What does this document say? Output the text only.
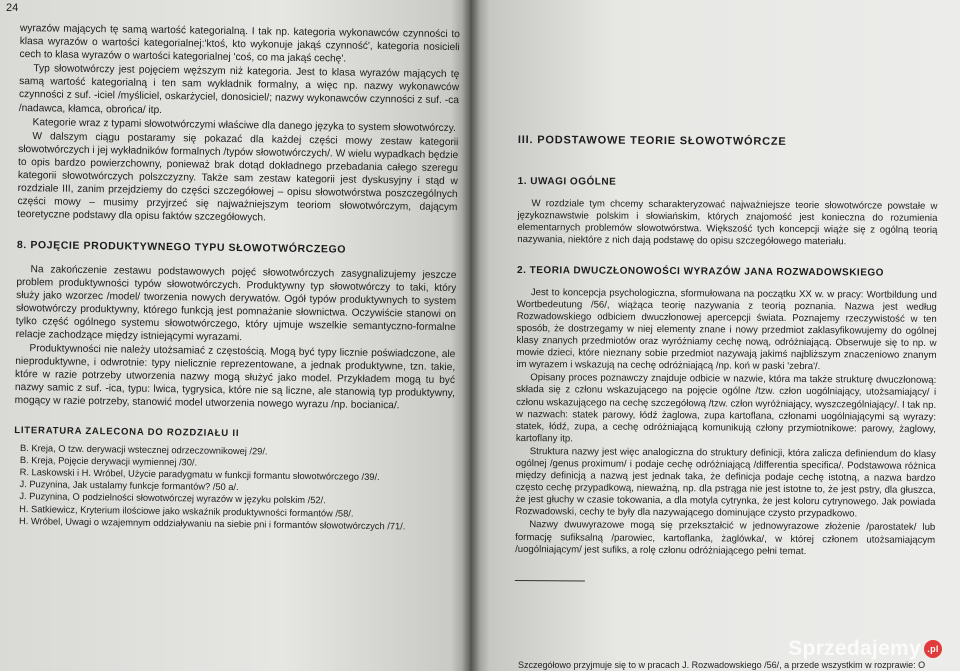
24

wyrazów mających tę samą wartość kategorialną. I tak np. kategoria wykonawców czynności to klasa wyrazów o wartości kategorialnej:'ktoś, kto wykonuje jakąś czynność', kategoria nosicieli cech to klasa wyrazów o wartości kategorialnej 'coś, co ma jakąś cechę'.

Typ słowotwórczy jest pojęciem węższym niż kategoria. Jest to klasa wyrazów mających tę samą wartość kategorialną i ten sam wykładnik formalny, a więc np. nazwy wykonawców czynności z suf. -iciel /myśliciel, oskarżyciel, donosiciel/; nazwy wykonawców czynności z suf. -ca /nadawca, kłamca, obrońca/ itp.

Kategorie wraz z typami słowotwórczymi właściwe dla danego języka to system słowotwórczy.

W dalszym ciągu postaramy się pokazać dla każdej części mowy zestaw kategorii słowotwórczych i jej wykładników formalnych /typów słowotwórczych/. W wielu wypadkach będzie to opis bardzo powierzchowny, ponieważ brak dotąd dokładnego przebadania całego szeregu kategorii słowotwórczych polszczyzny. Także sam zestaw kategorii jest dyskusyjny i stąd w rozdziale III, zanim przejdziemy do części szczegółowej – opisu słowotwórstwa poszczególnych części mowy – musimy przyjrzeć się najważniejszym teoriom słowotwórczym, dającym teoretyczne podstawy dla opisu faktów szczegółowych.

8. POJĘCIE PRODUKTYWNEGO TYPU SŁOWOTWÓRCZEGO

Na zakończenie zestawu podstawowych pojęć słowotwórczych zasygnalizujemy jeszcze problem produktywności typów słowotwórczych. Produktywny typ słowotwórczy to taki, który służy jako wzorzec /model/ tworzenia nowych derywatów. Ogół typów produktywnych to system słowotwórczy produktywny, którego funkcją jest pomnażanie słownictwa. Oczywiście stanowi on tylko część ogólnego systemu słowotwórczego, który ujmuje wszelkie semantyczno-formalne relacje zachodzące między istniejącymi wyrazami.

Produktywności nie należy utożsamiać z częstością. Mogą być typy licznie poświadczone, ale nieproduktywne, i odwrotnie: typy nielicznie reprezentowane, a jednak produktywne, tzn. takie, które w razie potrzeby utworzenia nazwy mogą służyć jako model. Przykładem mogą tu być nazwy samic z suf. -ica, typu: lwica, tygrysica, które nie są liczne, ale stanowią typ produktywny, mogący w razie potrzeby, stanowić model utworzenia nowego wyrazu /np. bocianica/.

LITERATURA ZALECONA DO ROZDZIAŁU II

B. Kreja, O tzw. derywacji wstecznej odrzeczownikowej /29/.
B. Kreja, Pojęcie derywacji wymiennej /30/.
R. Laskowski i H. Wróbel, Użycie paradygmatu w funkcji formantu słowotwórczego /39/.
J. Puzynina, Jak ustalamy funkcje formantów? /50 a/.
J. Puzynina, O podzielności słowotwórczej wyrazów w języku polskim /52/.
H. Satkiewicz, Kryterium ilościowe jako wskaźnik produktywności formantów /58/.
H. Wróbel, Uwagi o wzajemnym oddziaływaniu na siebie pni i formantów słowotwórczych /71/.

III. PODSTAWOWE TEORIE SŁOWOTWÓRCZE

1. UWAGI OGÓLNE

W rozdziale tym chcemy scharakteryzować najważniejsze teorie słowotwórcze powstałe w językoznawstwie polskim i słowiańskim, których znajomość jest konieczna do rozumienia elementarnych problemów słowotwórstwa. Większość tych koncepcji wiąże się z ogólną teorią nazywania, niektóre z nich dają podstawę do opisu szczegółowego materiału.

2. TEORIA DWUCZŁONOWOŚCI WYRAZÓW JANA ROZWADOWSKIEGO

Jest to koncepcja psychologiczna, sformułowana na początku XX w. w pracy: Wortbildung und Wortbedeutung /56/, wiążąca teorię nazywania z teorią poznania. Nazwa jest według Rozwadowskiego odbiciem dwuczłonowej apercepcji świata. Poznajemy rzeczywistość w ten sposób, że dostrzegamy w niej elementy znane i nowy przedmiot zaklasyfikowujemy do ogólnej klasy znanych przedmiotów oraz wyróżniamy cechę nową, odróżniającą. Obserwuje się to np. w mowie dzieci, które nieznany sobie przedmiot nazywają jakimś najbliższym znaczeniowo znanym im wyrazem i wskazują na cechę odróżniającą /np. koń w paski 'zebra'/.

Opisany proces poznawczy znajduje odbicie w nazwie, która ma także strukturę dwuczłonową: składa się z członu wskazującego na pojęcie ogólne /tzw. człon uogólniający, utożsamiający/ i członu wskazującego na cechę szczegółową /tzw. człon wyróżniający, wyszczególniający/. I tak np. w nazwach: statek parowy, łódź żaglowa, zupa kartoflana, członami uogólniającymi są wyrazy: statek, łódź, zupa, a cechę odróżniającą komunikują człony przymiotnikowe: parowy, żaglowy, kartoflany itp.

Struktura nazwy jest więc analogiczna do struktury definicji, która zalicza definiendum do klasy ogólnej /genus proximum/ i podaje cechę odróżniającą /differentia specifica/. Podstawowa różnica między definicją a nazwą jest jednak taka, że definicja podaje cechę istotną, a nazwa bardzo często cechę przypadkową, nieważną, np. dla pstrąga nie jest istotne to, że jest pstry, dla głuszca, że jest głuchy w czasie tokowania, a dla motyla cytrynka, że jest koloru cytrynowego. Jak powiada Rozwadowski, cechy te były dla nazywającego dominujące czysto przypadkowo.

Nazwy dwuwyrazowe mogą się przekształcić w jednowyrazowe złożenie /parostatek/ lub formację sufiksalną /parowiec, kartoflanka, żaglówka/, w której członem utożsamiającym /uogólniającym/ jest sufiks, a rolę członu odróżniającego pełni temat.

Szczegółowo przyjmuje się to w pracach J. Rozwadowskiego /56/, a przede wszystkim w rozprawie: O
Sprzedajemy .pl
